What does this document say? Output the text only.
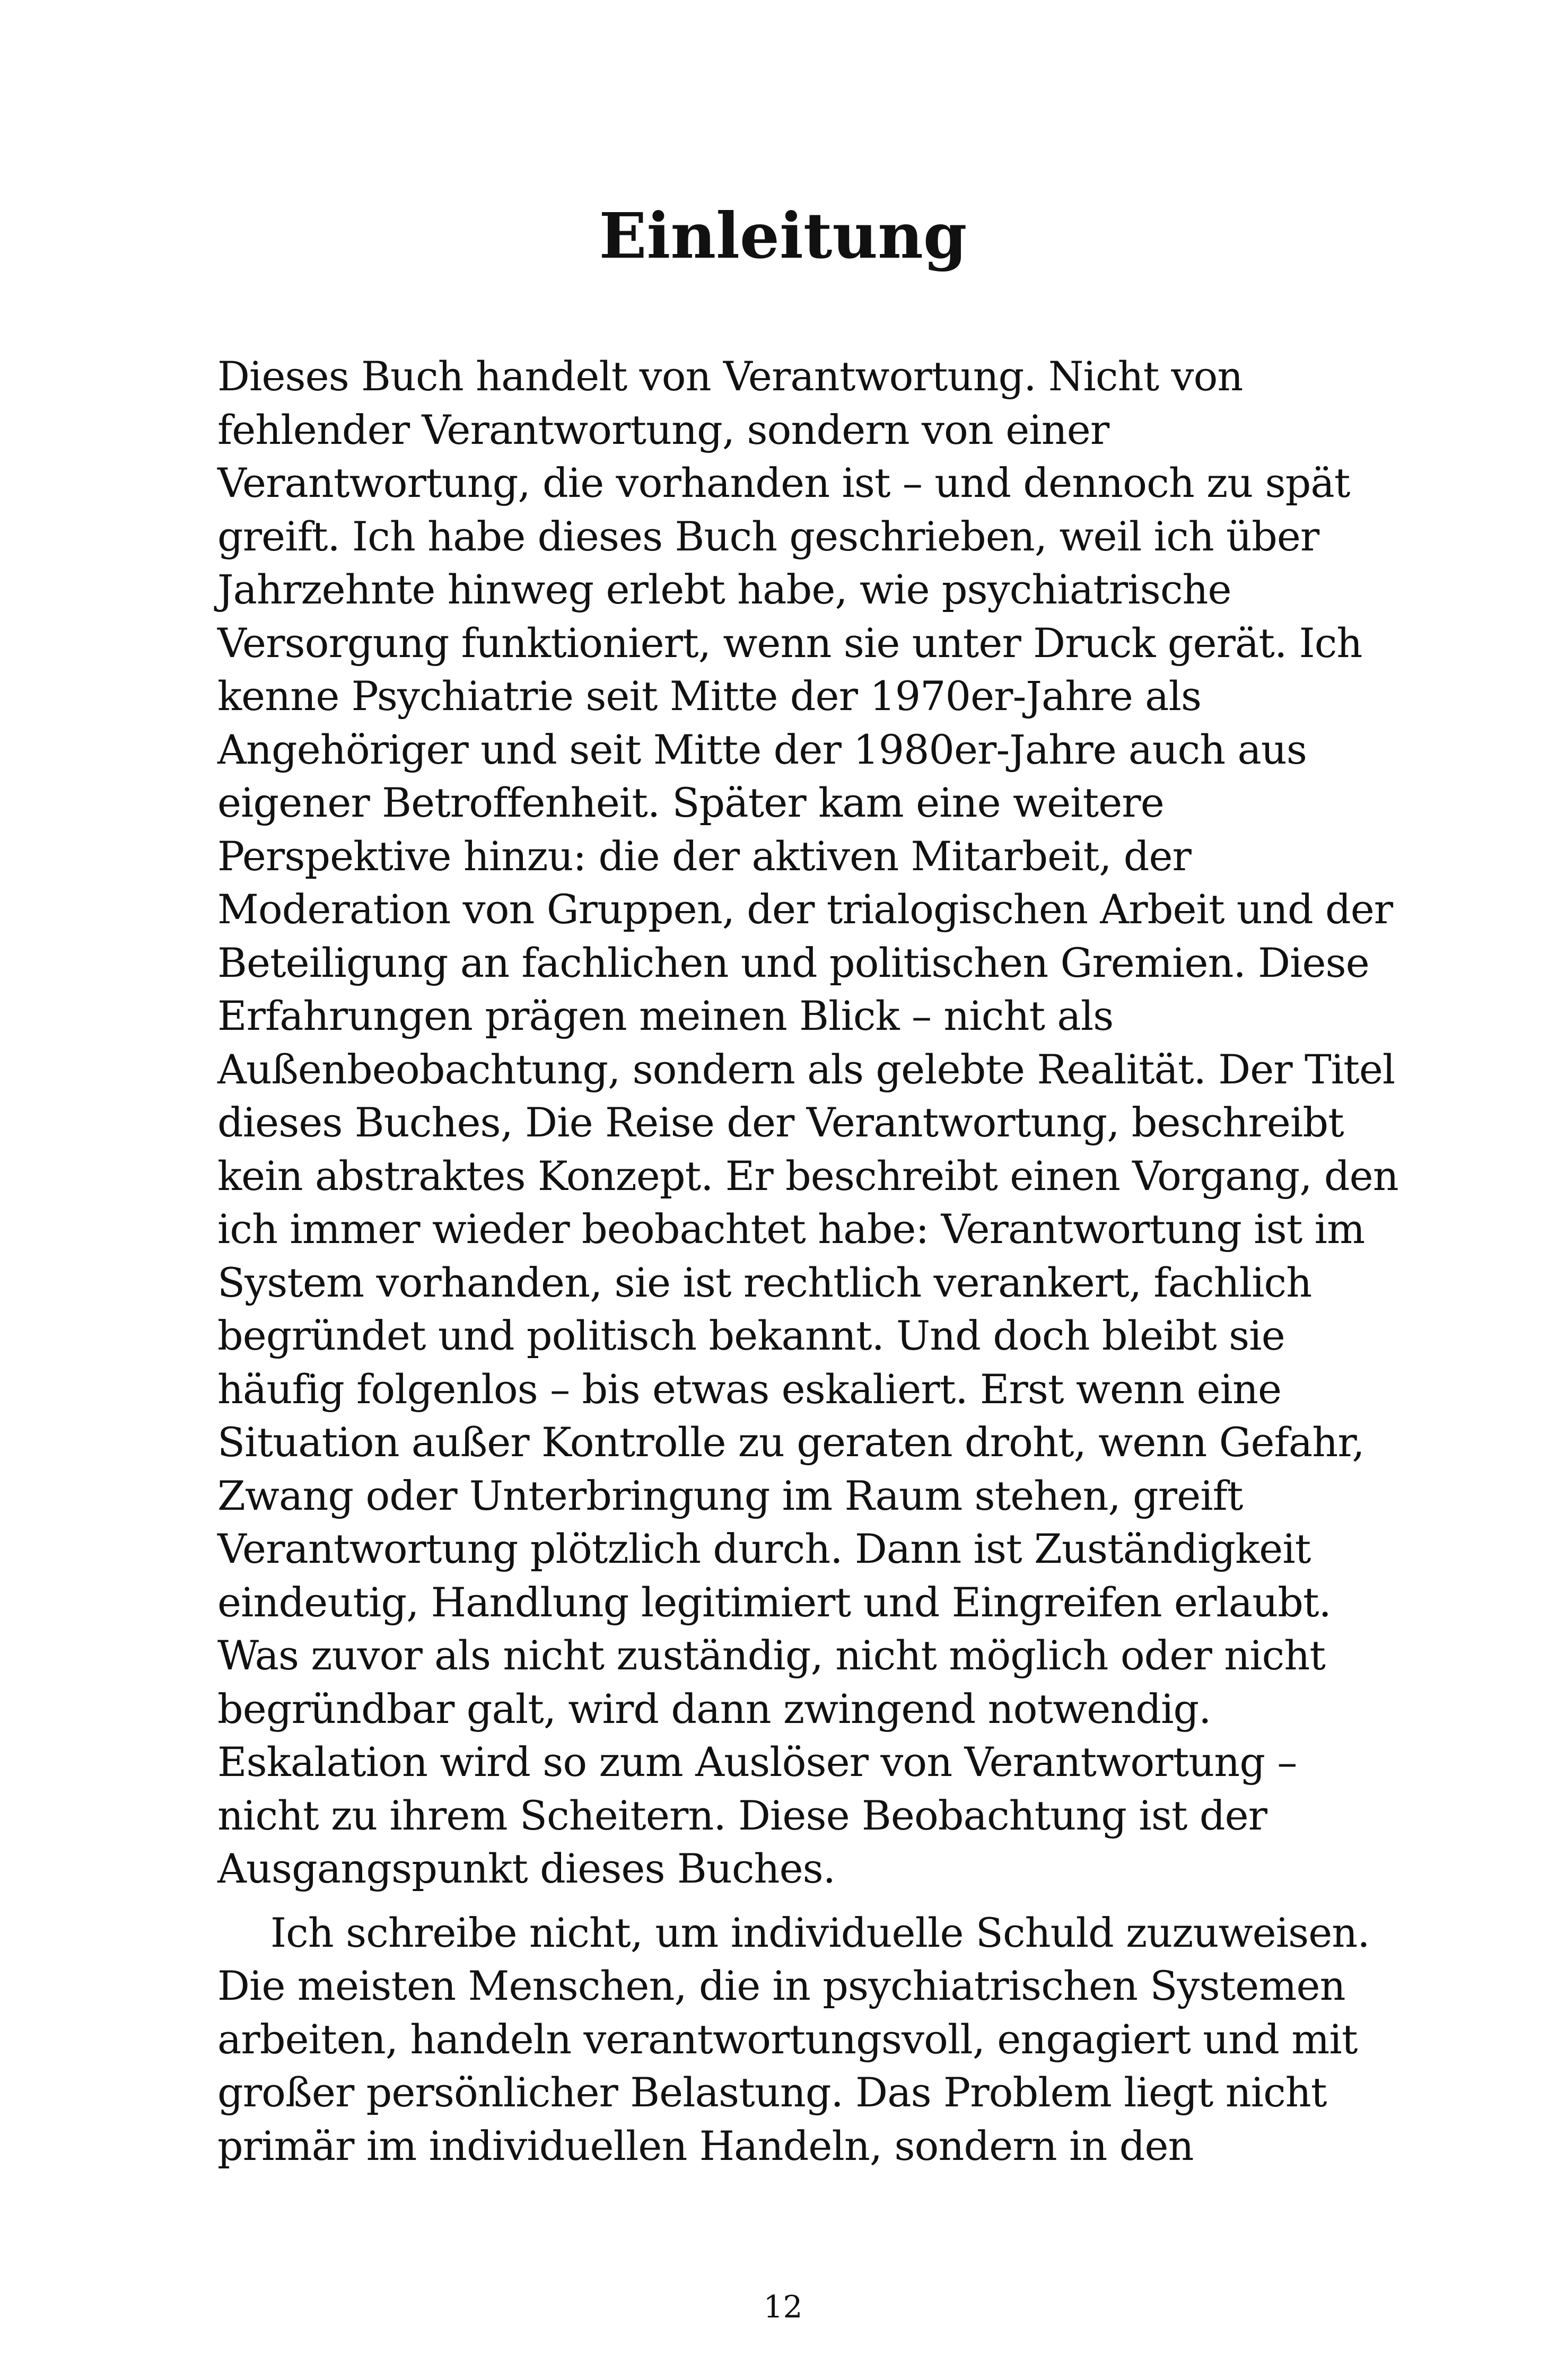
Einleitung

Dieses Buch handelt von Verantwortung. Nicht von
fehlender Verantwortung, sondern von einer
Verantwortung, die vorhanden ist – und dennoch zu spät
greift. Ich habe dieses Buch geschrieben, weil ich über
Jahrzehnte hinweg erlebt habe, wie psychiatrische
Versorgung funktioniert, wenn sie unter Druck gerät. Ich
kenne Psychiatrie seit Mitte der 1970er-Jahre als
Angehöriger und seit Mitte der 1980er-Jahre auch aus
eigener Betroffenheit. Später kam eine weitere
Perspektive hinzu: die der aktiven Mitarbeit, der
Moderation von Gruppen, der trialogischen Arbeit und der
Beteiligung an fachlichen und politischen Gremien. Diese
Erfahrungen prägen meinen Blick – nicht als
Außenbeobachtung, sondern als gelebte Realität. Der Titel
dieses Buches, Die Reise der Verantwortung, beschreibt
kein abstraktes Konzept. Er beschreibt einen Vorgang, den
ich immer wieder beobachtet habe: Verantwortung ist im
System vorhanden, sie ist rechtlich verankert, fachlich
begründet und politisch bekannt. Und doch bleibt sie
häufig folgenlos – bis etwas eskaliert. Erst wenn eine
Situation außer Kontrolle zu geraten droht, wenn Gefahr,
Zwang oder Unterbringung im Raum stehen, greift
Verantwortung plötzlich durch. Dann ist Zuständigkeit
eindeutig, Handlung legitimiert und Eingreifen erlaubt.
Was zuvor als nicht zuständig, nicht möglich oder nicht
begründbar galt, wird dann zwingend notwendig.
Eskalation wird so zum Auslöser von Verantwortung –
nicht zu ihrem Scheitern. Diese Beobachtung ist der
Ausgangspunkt dieses Buches.

Ich schreibe nicht, um individuelle Schuld zuzuweisen.
Die meisten Menschen, die in psychiatrischen Systemen
arbeiten, handeln verantwortungsvoll, engagiert und mit
großer persönlicher Belastung. Das Problem liegt nicht
primär im individuellen Handeln, sondern in den

12
